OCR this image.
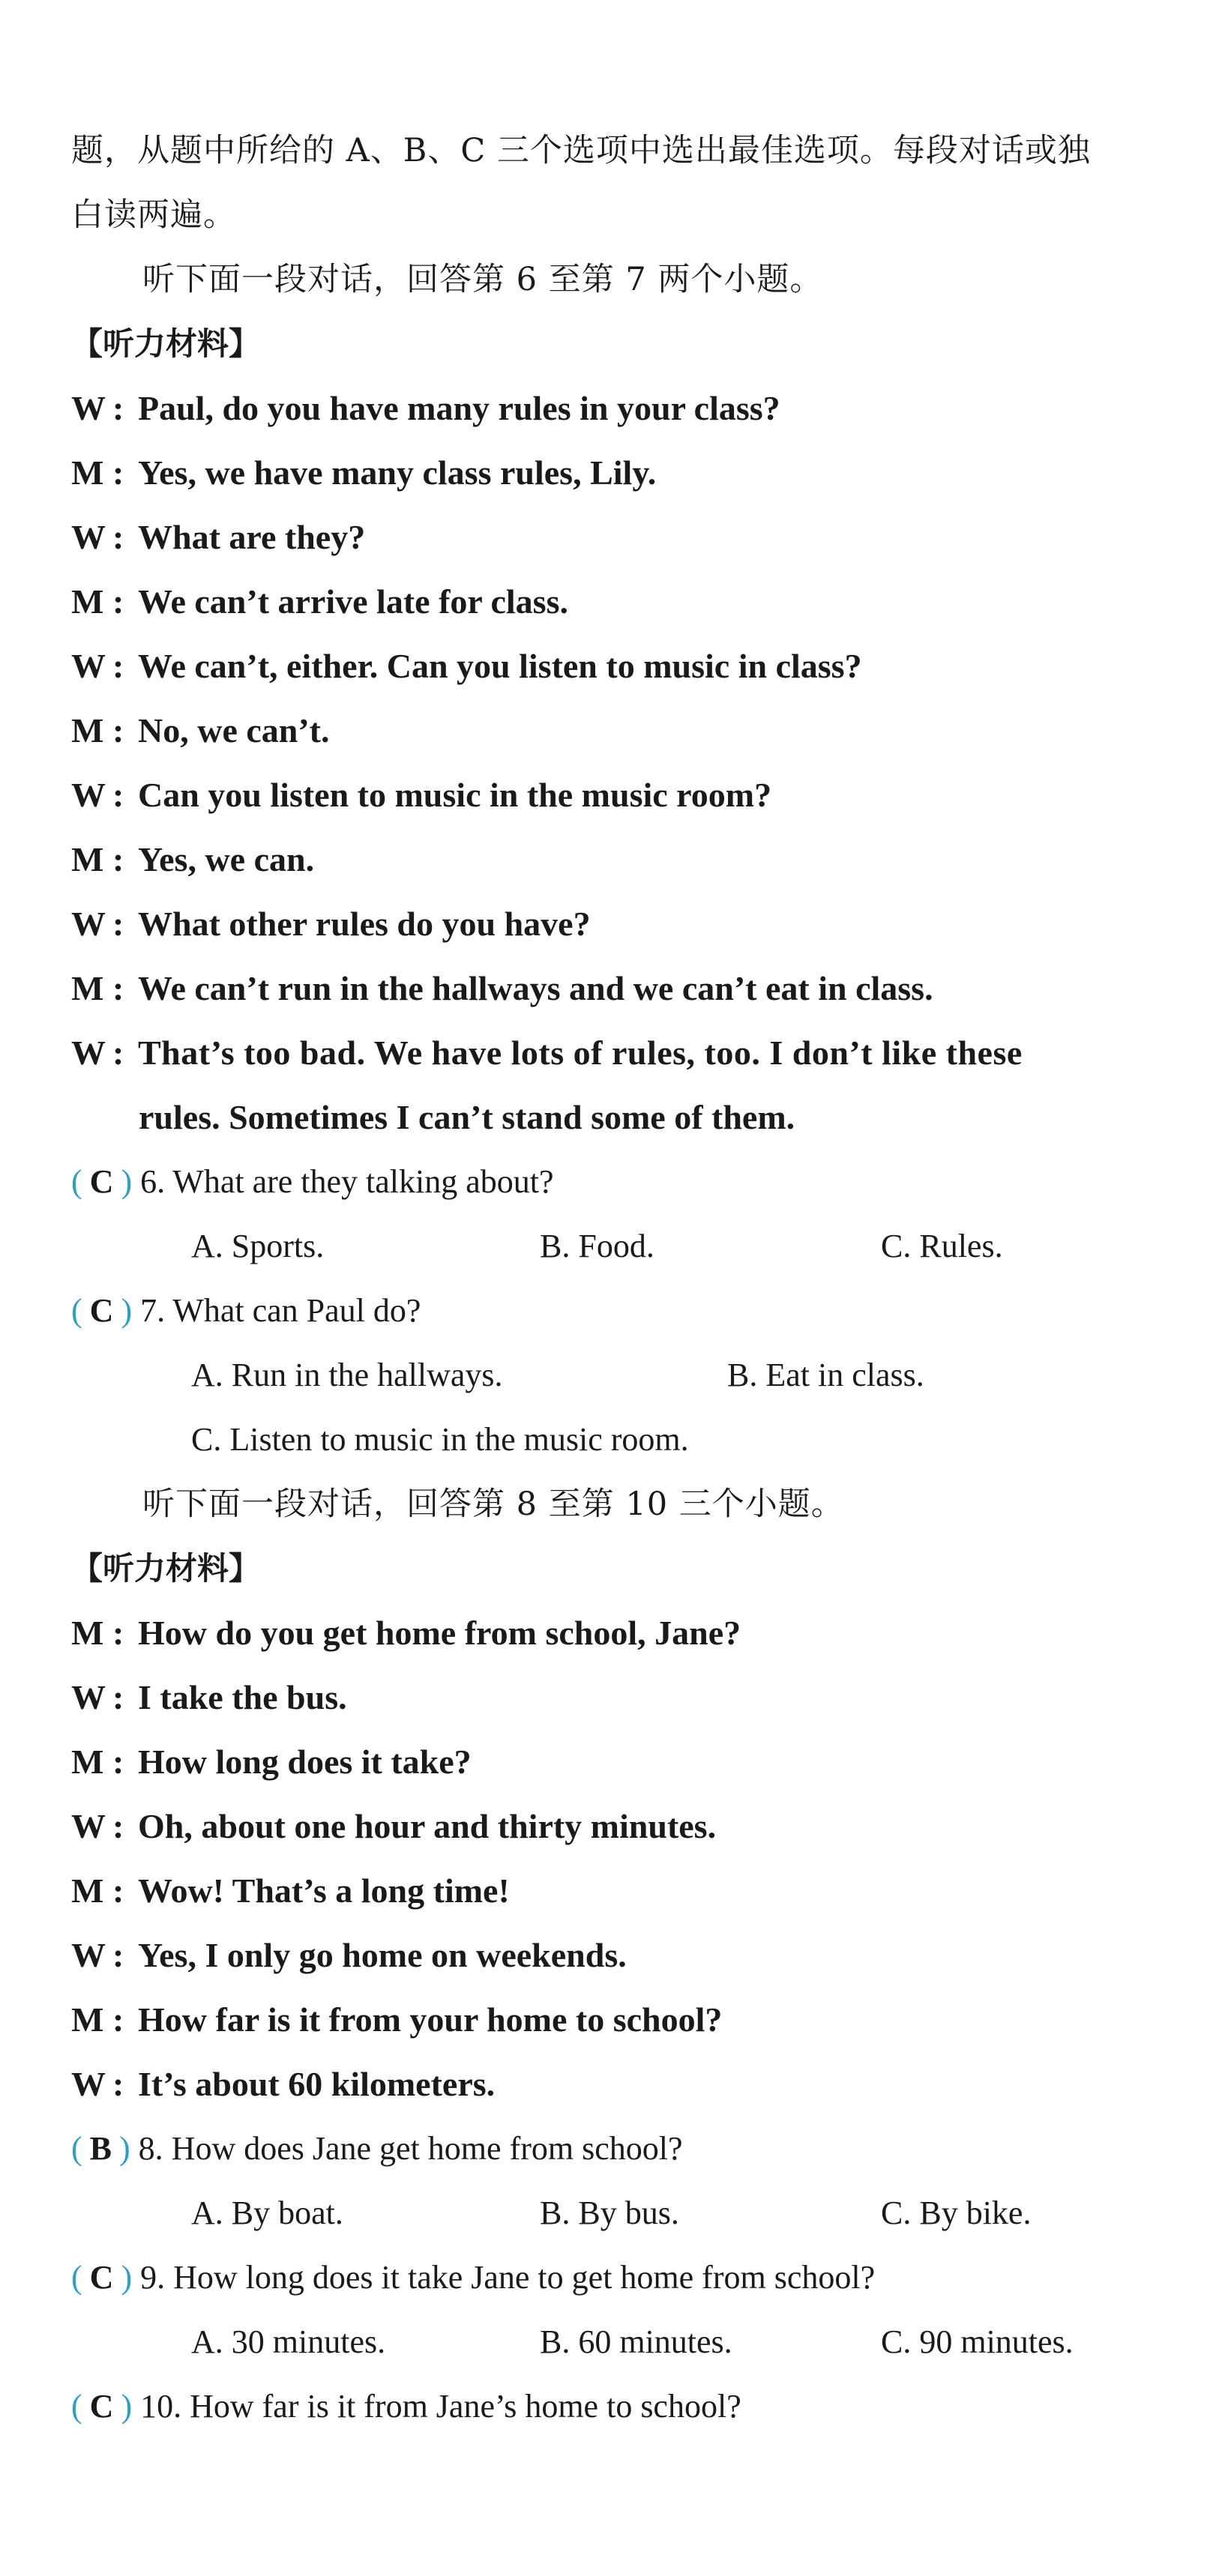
题，从题中所给的 A、B、C 三个选项中选出最佳选项。每段对话或独
白读两遍。
听下面一段对话，回答第 6 至第 7 两个小题。
【听力材料】
W : Paul, do you have many rules in your class?
M : Yes, we have many class rules, Lily.
W : What are they?
M : We can’t arrive late for class.
W : We can’t, either. Can you listen to music in class?
M : No, we can’t.
W : Can you listen to music in the music room?
M : Yes, we can.
W : What other rules do you have?
M : We can’t run in the hallways and we can’t eat in class.
W : That’s too bad. We have lots of rules, too. I don’t like these
rules. Sometimes I can’t stand some of them.
( C ) 6. What are they talking about?
A. Sports.	B. Food.	C. Rules.
( C ) 7. What can Paul do?
A. Run in the hallways.	B. Eat in class.
C. Listen to music in the music room.
听下面一段对话，回答第 8 至第 10 三个小题。
【听力材料】
M : How do you get home from school, Jane?
W : I take the bus.
M : How long does it take?
W : Oh, about one hour and thirty minutes.
M : Wow! That’s a long time!
W : Yes, I only go home on weekends.
M : How far is it from your home to school?
W : It’s about 60 kilometers.
( B ) 8. How does Jane get home from school?
A. By boat.	B. By bus.	C. By bike.
( C ) 9. How long does it take Jane to get home from school?
A. 30 minutes.	B. 60 minutes.	C. 90 minutes.
( C ) 10. How far is it from Jane’s home to school?
